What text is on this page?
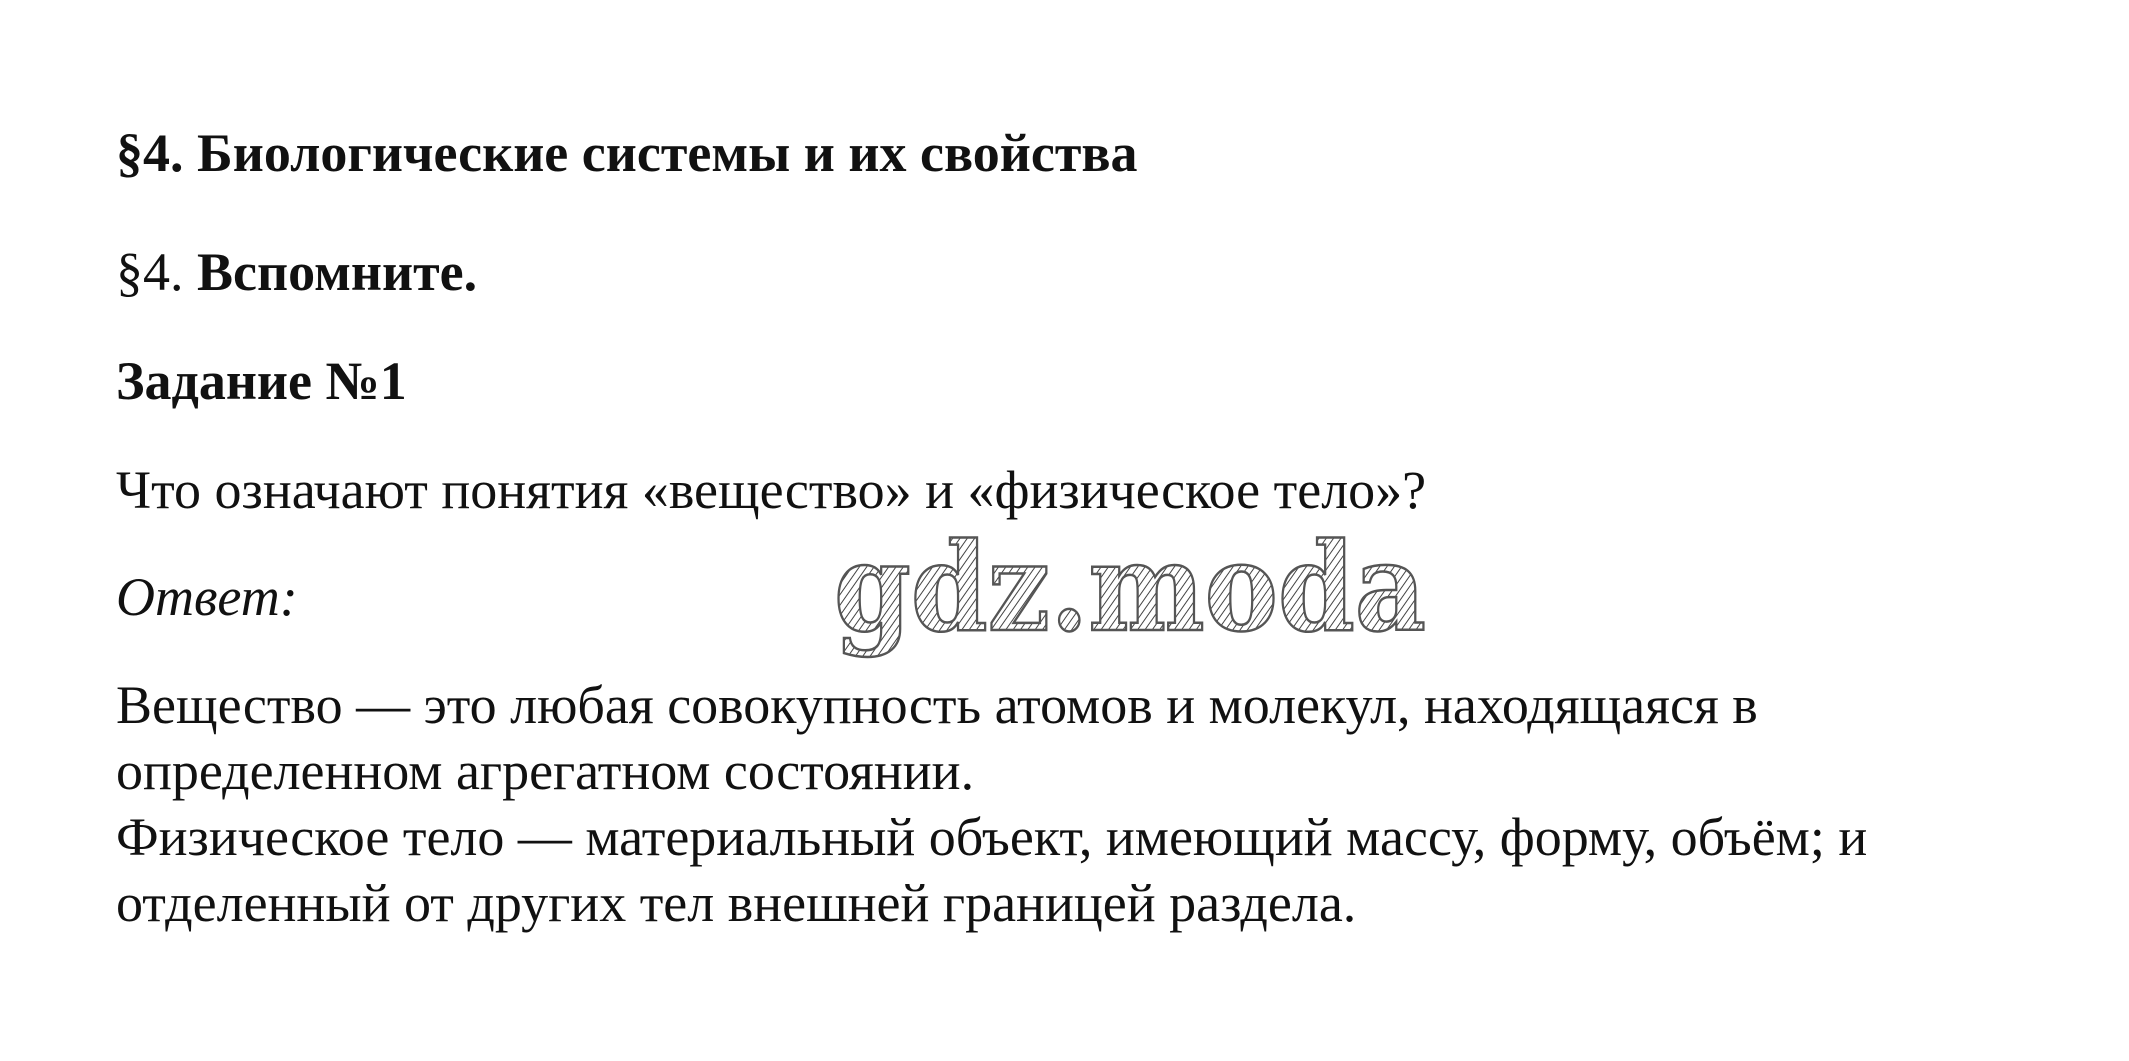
§4. Биологические системы и их свойства
§4. Вспомните.
Задание №1
Что означают понятия «вещество» и «физическое тело»?
Ответ:	gdz.moda

Вещество — это любая совокупность атомов и молекул, находящаяся в определенном агрегатном состоянии.

Физическое тело — материальный объект, имеющий массу, форму, объём; и отделенный от других тел внешней границей раздела.
